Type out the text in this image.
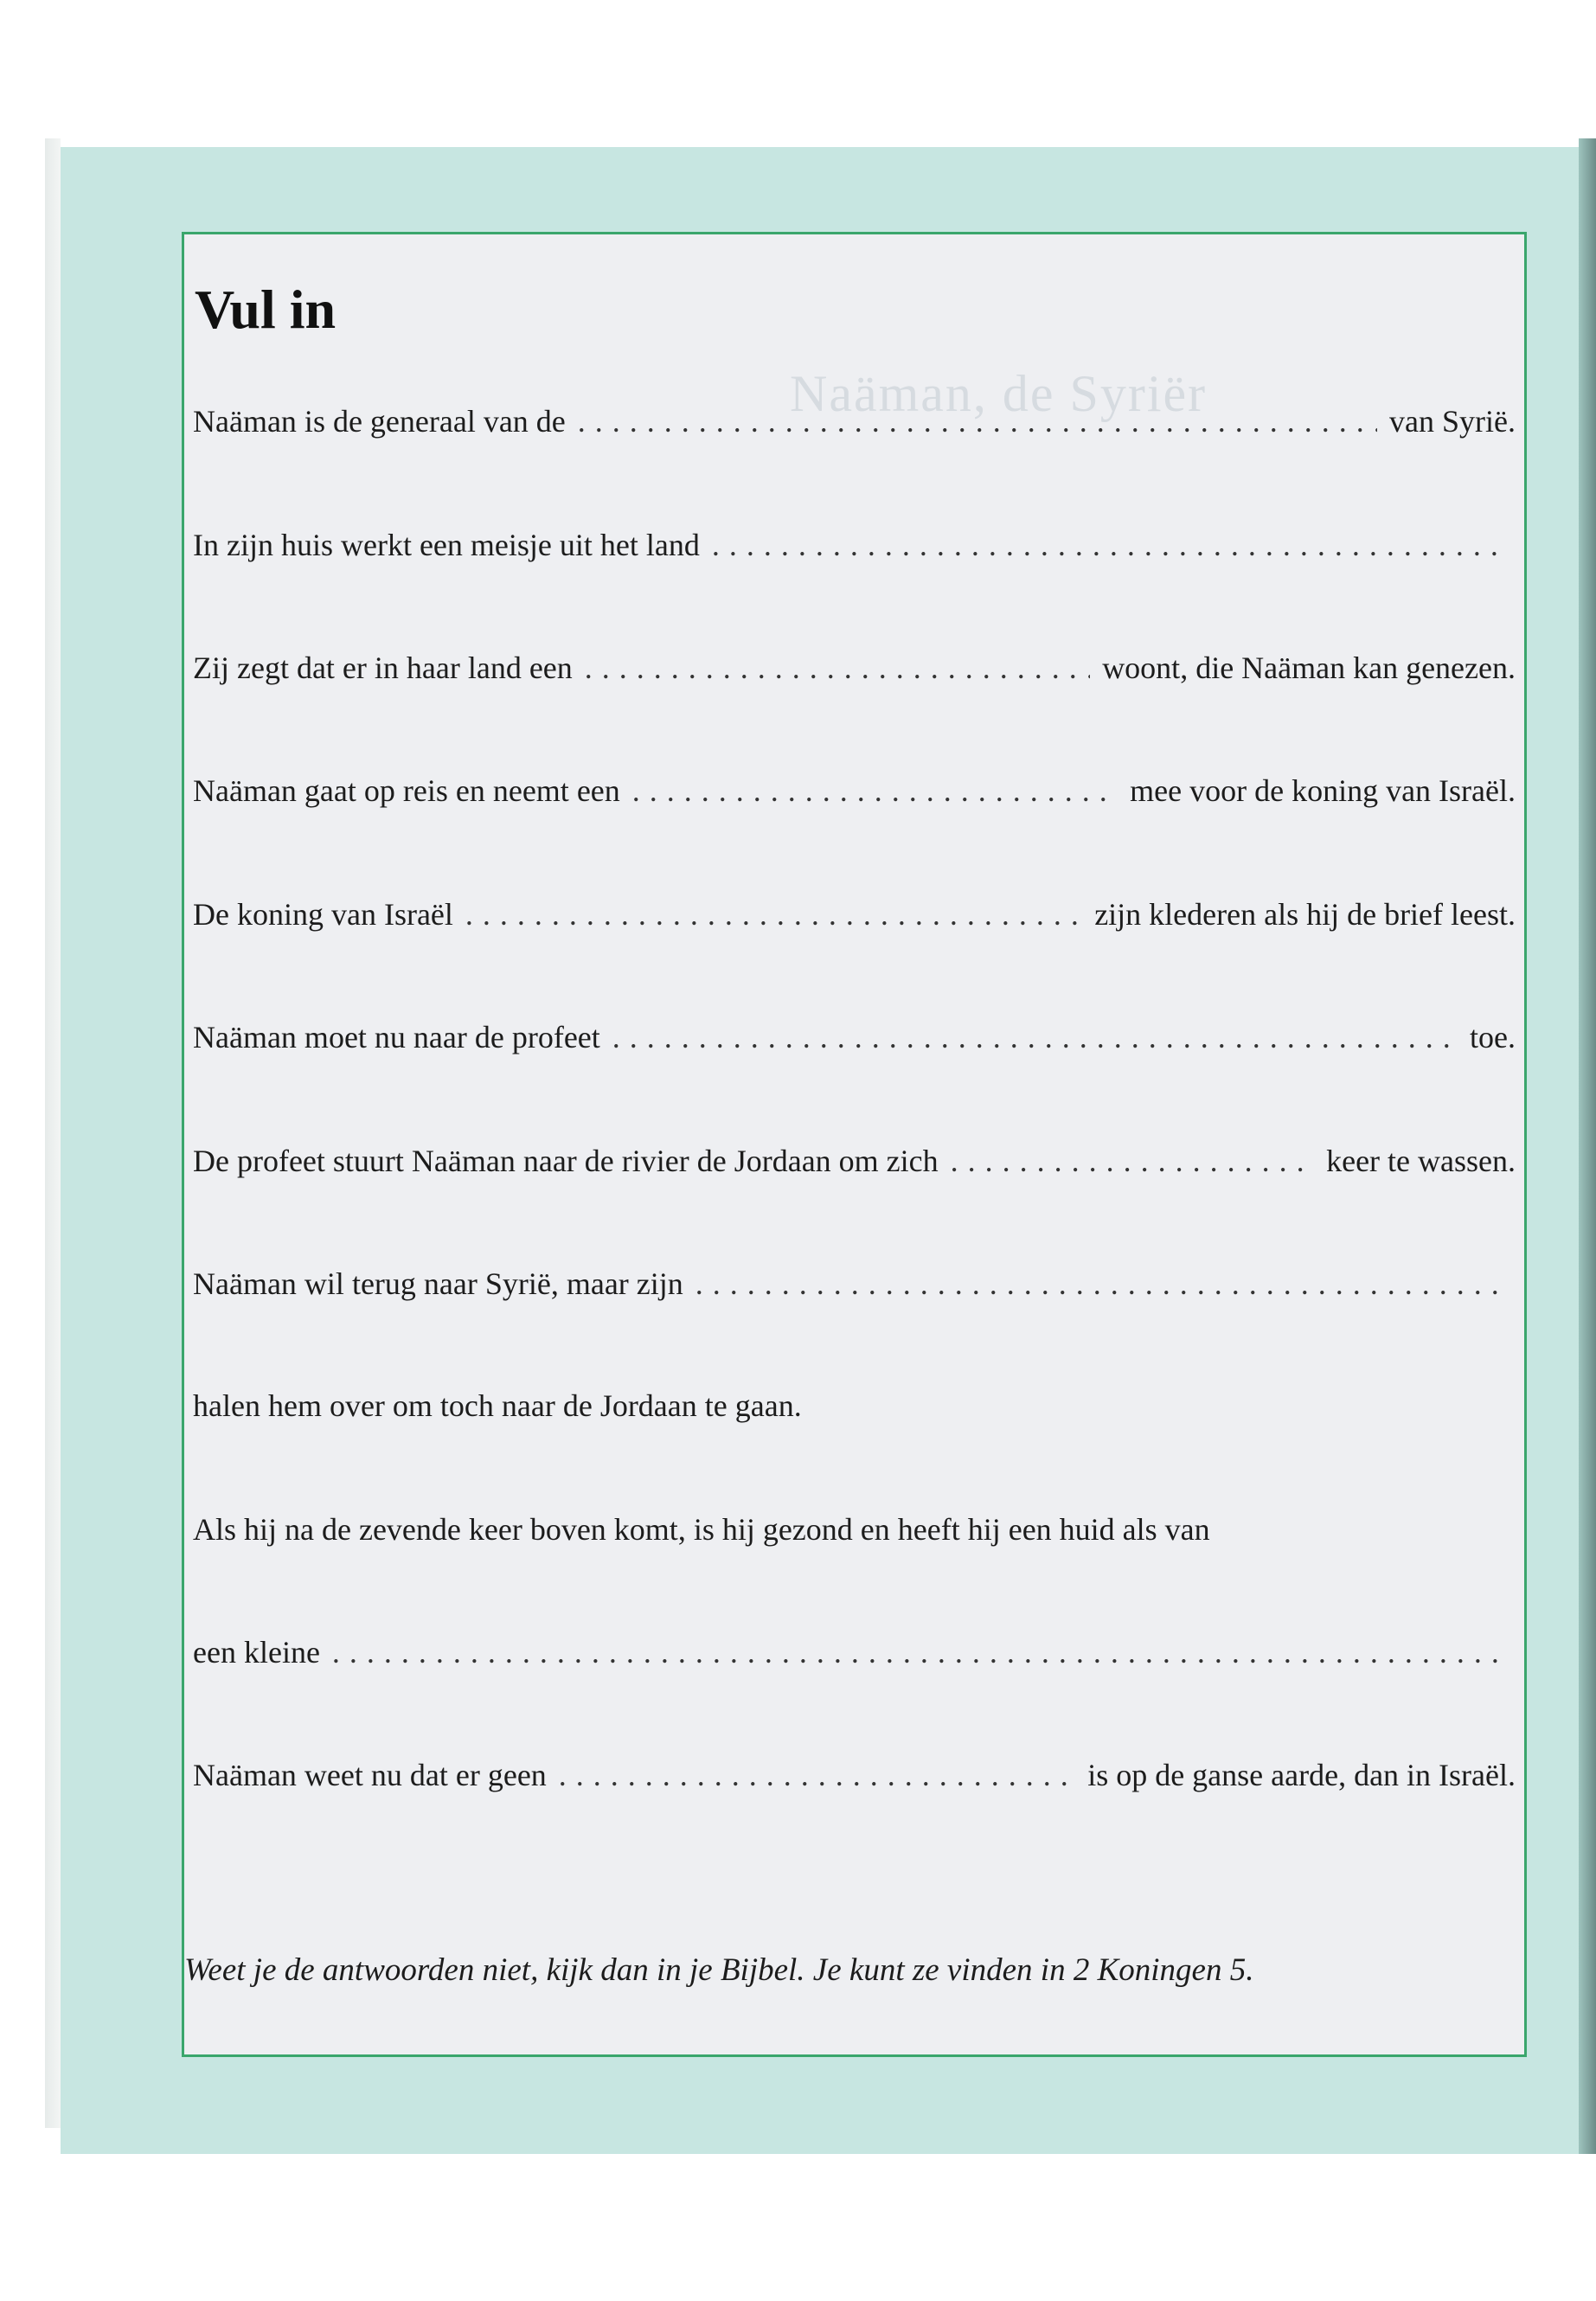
Naäman, de Syriër
Vul in
Naäman is de generaal van de .....	van Syrië.
In zijn huis werkt een meisje uit het land
.....
Zij zegt dat er in haar land een .....	woont, die Naäman kan genezen.
Naäman gaat op reis en neemt een .....	mee voor de koning van Israël.
De koning van Israël .....	zijn klederen als hij de brief leest.
Naäman moet nu naar de profeet .....	toe.
De profeet stuurt Naäman naar de rivier de Jordaan om zich .....	keer te wassen.
Naäman wil terug naar Syrië, maar zijn
.....
halen hem over om toch naar de Jordaan te gaan.
Als hij na de zevende keer boven komt, is hij gezond en heeft hij een huid als van
een kleine
.....
Naäman weet nu dat er geen .....	is op de ganse aarde, dan in Israël.
Weet je de antwoorden niet, kijk dan in je Bijbel. Je kunt ze vinden in 2 Koningen 5.
